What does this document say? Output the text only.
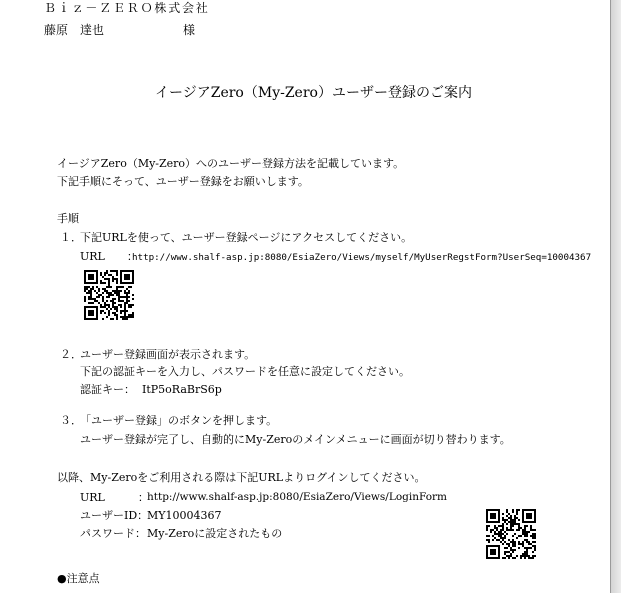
Ｂｉｚ－ＺＥＲＯ株式会社
藤原　達也	様
イージアZero（My-Zero）ユーザー登録のご案内
イージアZero（My-Zero）へのユーザー登録方法を記載しています。
下記手順にそって、ユーザー登録をお願いします。
手順
１．
下記URLを使って、ユーザー登録ページにアクセスしてください。
URL　　：
http://www.shalf-asp.jp:8080/EsiaZero/Views/myself/MyUserRegstForm?UserSeq=10004367
２．
ユーザー登録画面が表示されます。
下記の認証キーを入力し、パスワードを任意に設定してください。
認証キー： ItP5oRaBrS6p
３．
「ユーザー登録」のボタンを押します。
ユーザー登録が完了し、自動的にMy-Zeroのメインメニューに画面が切り替わります。
以降、My-Zeroをご利用される際は下記URLよりログインしてください。
URL　　　：
http://www.shalf-asp.jp:8080/EsiaZero/Views/LoginForm
ユーザーID：
MY10004367
パスワード： My-Zeroに設定されたもの
●注意点
